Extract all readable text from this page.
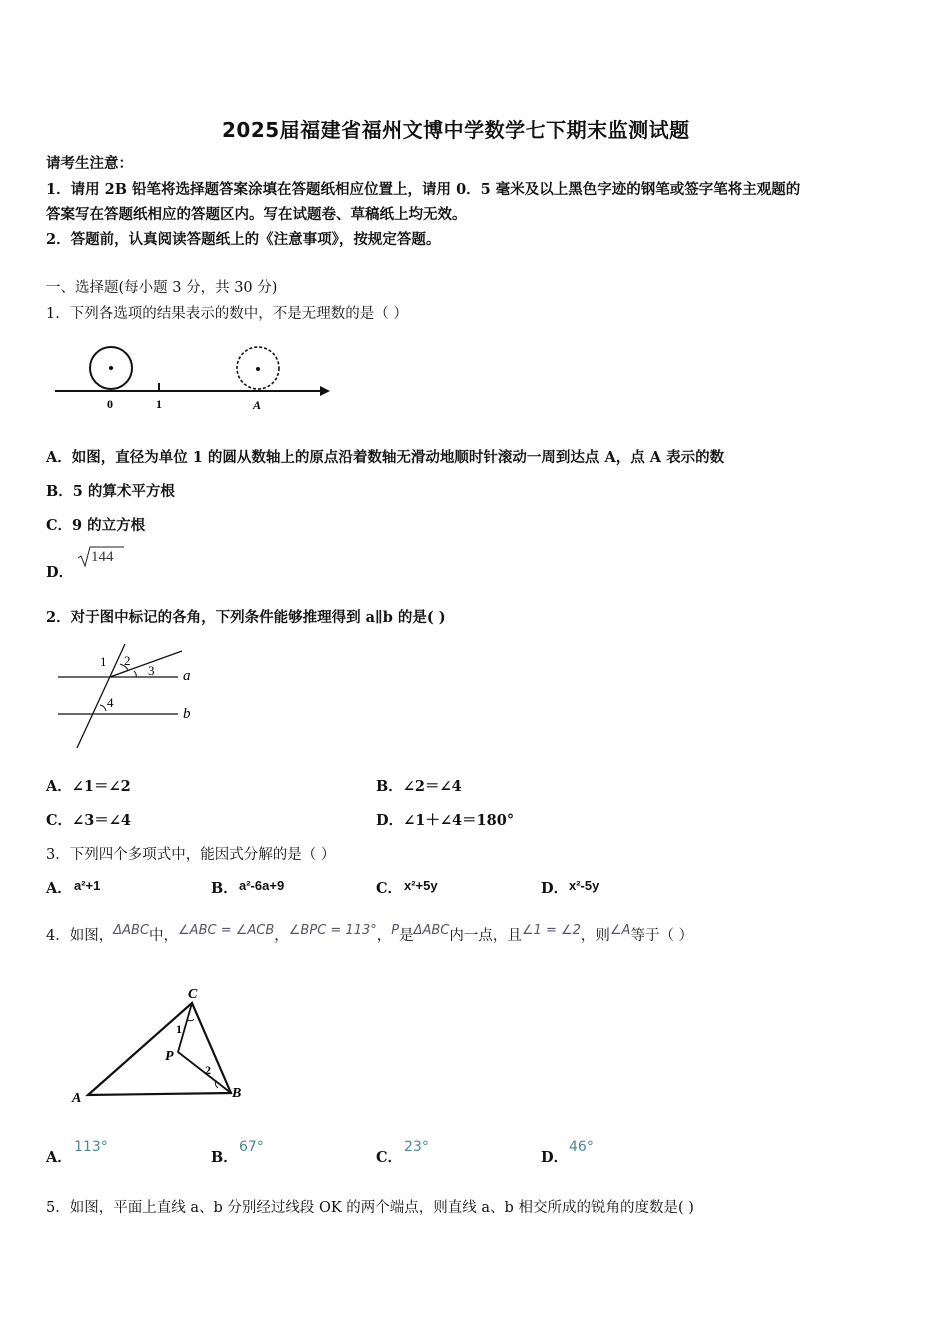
2025届福建省福州文博中学数学七下期末监测试题
请考生注意：
1．请用 2B 铅笔将选择题答案涂填在答题纸相应位置上，请用 0．5 毫米及以上黑色字迹的钢笔或签字笔将主观题的
答案写在答题纸相应的答题区内。写在试题卷、草稿纸上均无效。
2．答题前，认真阅读答题纸上的《注意事项》，按规定答题。
一、选择题(每小题 3 分，共 30 分)
1．下列各选项的结果表示的数中，不是无理数的是（ ）
0	1	A
A．如图，直径为单位 1 的圆从数轴上的原点沿着数轴无滑动地顺时针滚动一周到达点 A，点 A 表示的数
B．5 的算术平方根
C．9 的立方根
D．
144
2．对于图中标记的各角，下列条件能够推理得到 a∥b 的是( )
1 2
3
4
a
b
A．∠1＝∠2	B．∠2＝∠4
C．∠3＝∠4	D．∠1＋∠4＝180°
3．下列四个多项式中，能因式分解的是（ ）
A． a²+1	B． a²-6a+9	C． x²+5y	D． x²-5y
4．如图， ΔABC 中， ∠ABC = ∠ACB ， ∠BPC = 113° ， P 是 ΔABC 内一点，且 ∠1 = ∠2 ，则 ∠A 等于（ ）
C
A	B
P
1
2
A．
113°
B．
67°
C．
23°
D．
46°
5．如图，平面上直线 a、b 分别经过线段 OK 的两个端点，则直线 a、b 相交所成的锐角的度数是( )
